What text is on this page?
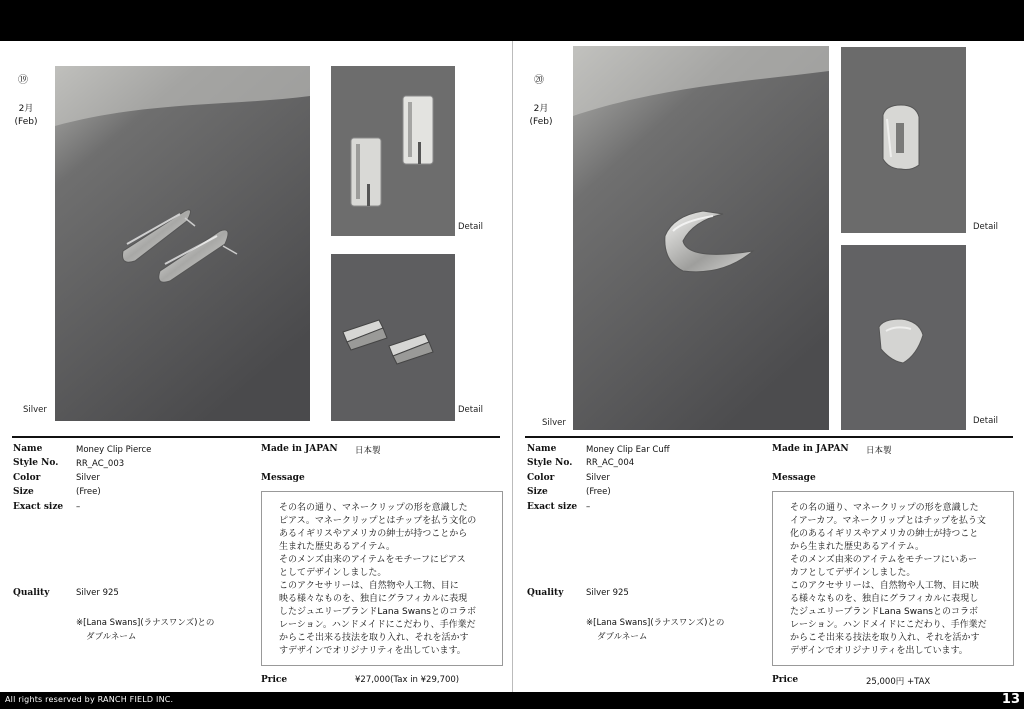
⑲
2月
(Feb)
Silver
Detail
Detail
Name	Money Clip Pierce
Style No. RR_AC_003
Color	Silver
Size	(Free)
Exact size –
Quality	Silver 925
※[Lana Swans](ラナスワンズ)との
ダブルネーム
Made in JAPAN 日本製
Message
その名の通り、マネークリップの形を意識した
ピアス。マネークリップとはチップを払う文化の
あるイギリスやアメリカの紳士が持つことから
生まれた歴史あるアイテム。
そのメンズ由来のアイテムをモチーフにピアス
としてデザインしました。
このアクセサリーは、自然物や人工物、目に
映る様々なものを、独自にグラフィカルに表現
したジュエリーブランドLana Swansとのコラボ
レーション。ハンドメイドにこだわり、手作業だ
からこそ出来る技法を取り入れ、それを活かす
すデザインでオリジナリティを出しています。
Price	¥27,000(Tax in ¥29,700)
⑳
2月
(Feb)
Silver
Detail
Detail
Name	Money Clip Ear Cuff
Style No. RR_AC_004
Color	Silver
Size	(Free)
Exact size –
Quality	Silver 925
※[Lana Swans](ラナスワンズ)との
ダブルネーム
Made in JAPAN 日本製
Message
その名の通り、マネークリップの形を意識した
イアーカフ。マネークリップとはチップを払う文
化のあるイギリスやアメリカの紳士が持つこと
から生まれた歴史あるアイテム。
そのメンズ由来のアイテムをモチーフにいあー
カフとしてデザインしました。
このアクセサリーは、自然物や人工物、目に映
る様々なものを、独自にグラフィカルに表現し
たジュエリーブランドLana Swansとのコラボ
レーション。ハンドメイドにこだわり、手作業だ
からこそ出来る技法を取り入れ、それを活かす
デザインでオリジナリティを出しています。
Price	25,000円 +TAX
All rights reserved by RANCH FIELD INC.	13
